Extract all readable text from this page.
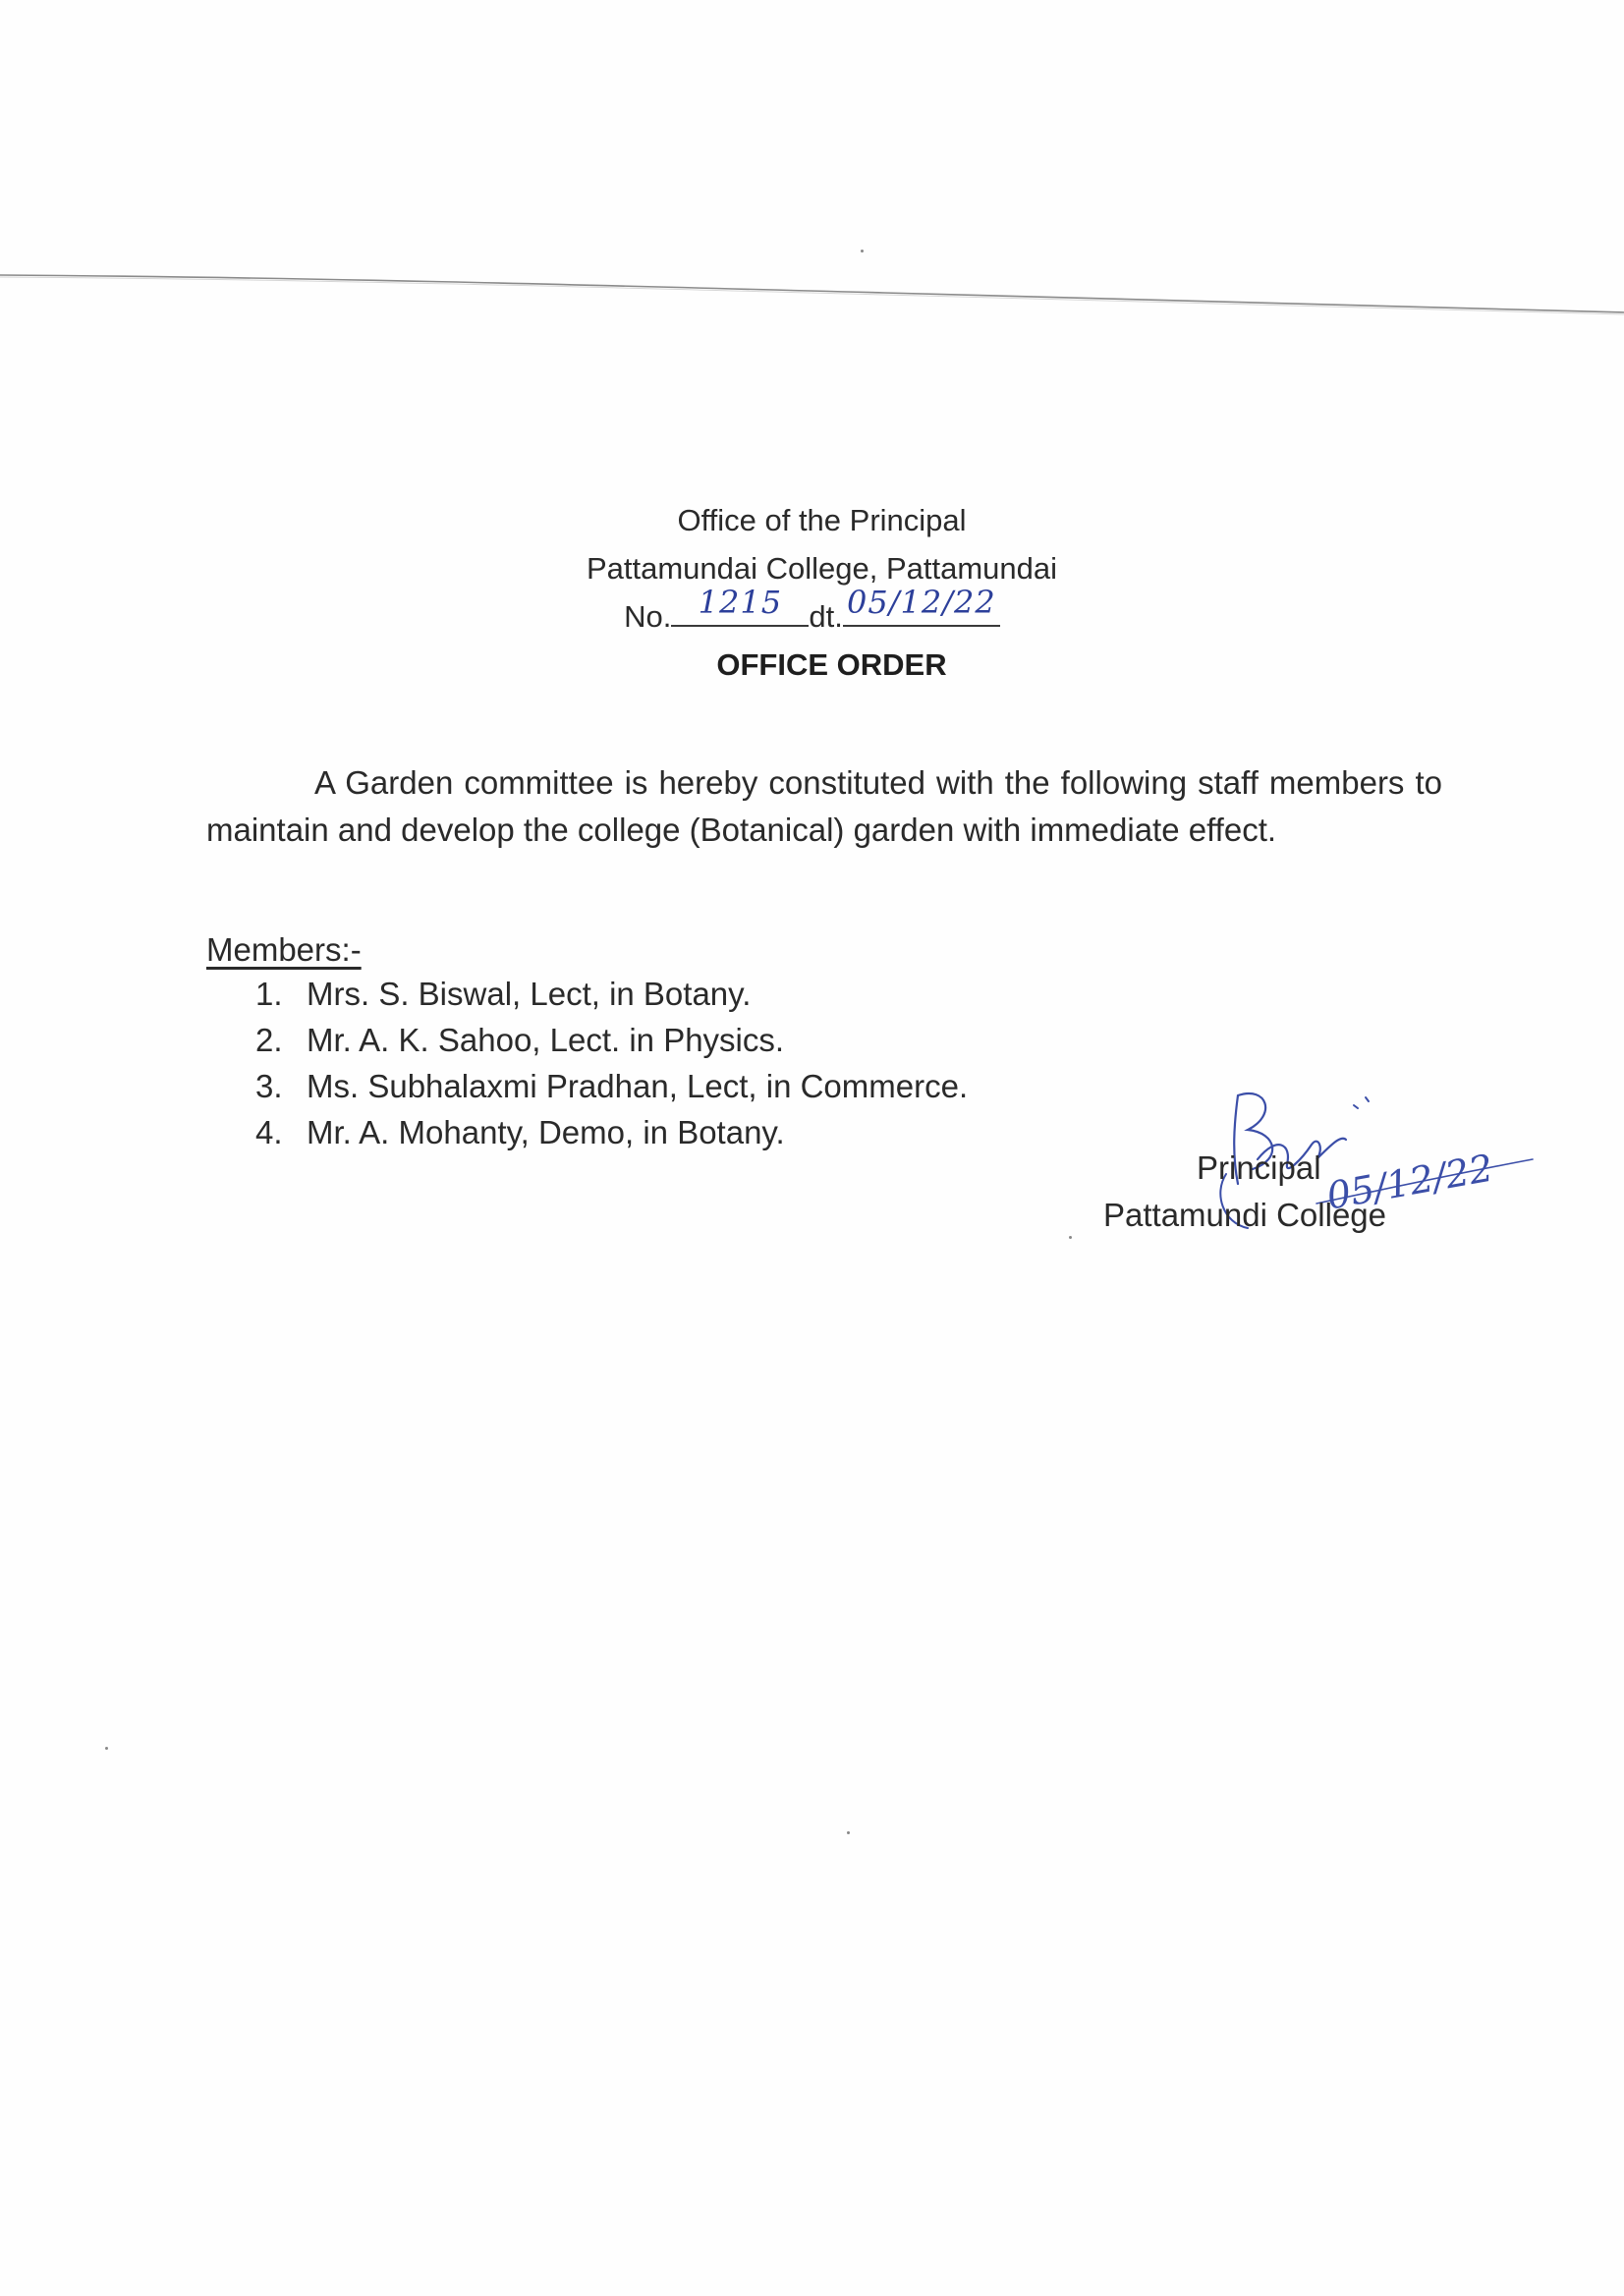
Office of the Principal
Pattamundai College, Pattamundai
No. 1215 dt. 05/12/22
OFFICE ORDER

A Garden committee is hereby constituted with the following staff members to maintain and develop the college (Botanical) garden with immediate effect.

Members:-
1. Mrs. S. Biswal, Lect, in Botany.
2. Mr. A. K. Sahoo, Lect. in Physics.
3. Ms. Subhalaxmi Pradhan, Lect, in Commerce.
4. Mr. A. Mohanty, Demo, in Botany.
05/12/22
Principal
Pattamundi College
